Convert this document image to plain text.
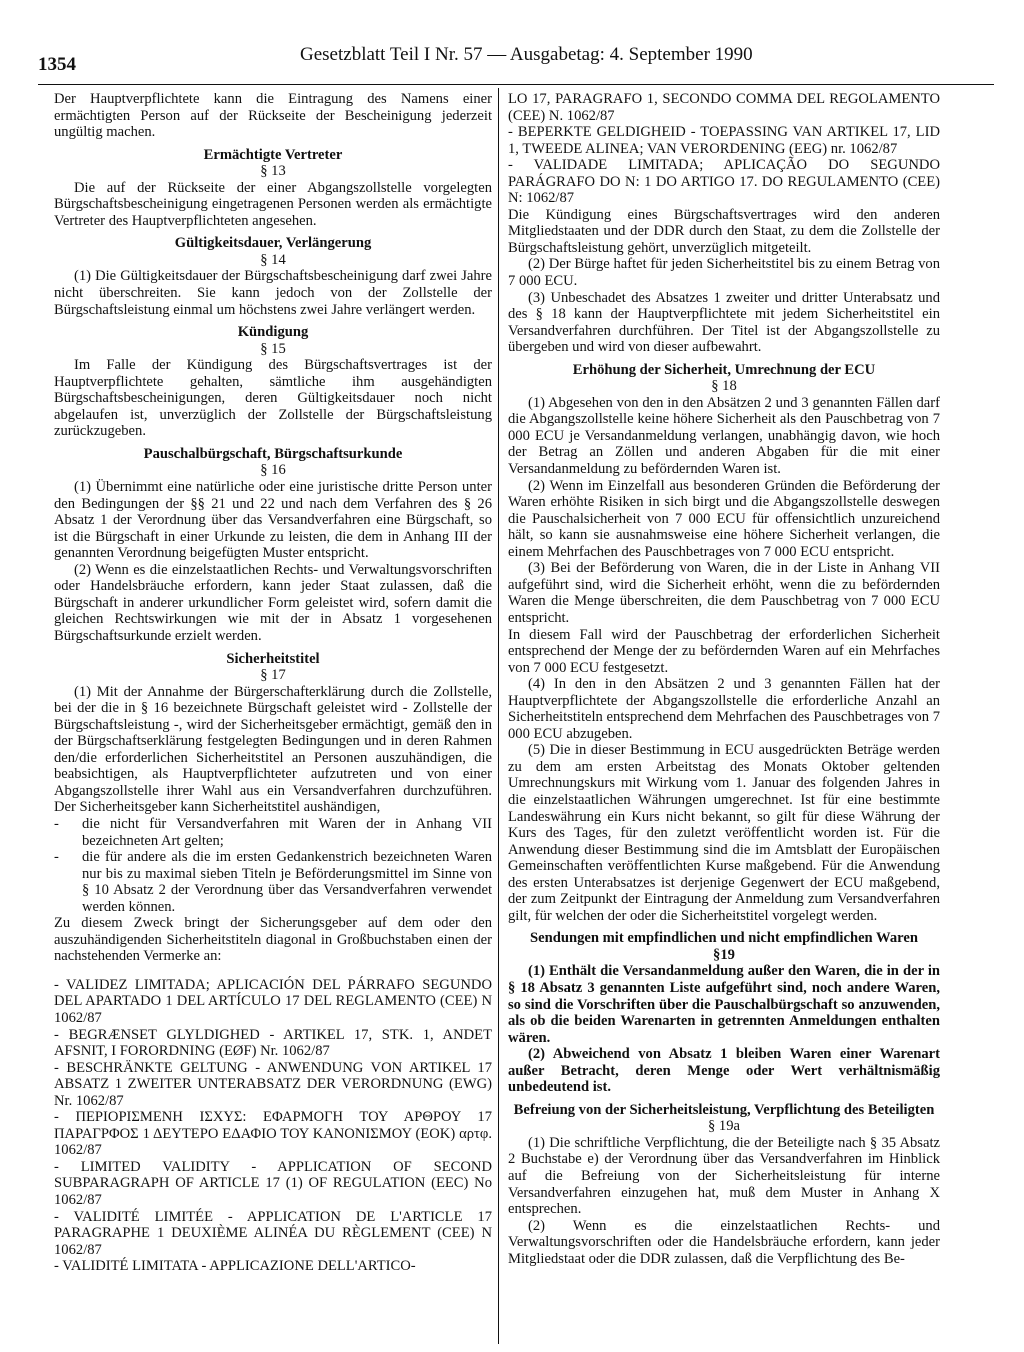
1354	Gesetzblatt Teil I Nr. 57 — Ausgabetag: 4. September 1990

Der Hauptverpflichtete kann die Eintragung des Namens einer ermächtigten Person auf der Rückseite der Bescheinigung jederzeit ungültig machen.

Ermächtigte Vertreter

§ 13

Die auf der Rückseite der einer Abgangszollstelle vorgelegten Bürgschaftsbescheinigung eingetragenen Personen werden als ermächtigte Vertreter des Hauptverpflichteten angesehen.

Gültigkeitsdauer, Verlängerung

§ 14

(1) Die Gültigkeitsdauer der Bürgschaftsbescheinigung darf zwei Jahre nicht überschreiten. Sie kann jedoch von der Zollstelle der Bürgschaftsleistung einmal um höchstens zwei Jahre verlängert werden.

Kündigung

§ 15

Im Falle der Kündigung des Bürgschaftsvertrages ist der Hauptverpflichtete gehalten, sämtliche ihm ausgehändigten Bürgschaftsbescheinigungen, deren Gültigkeitsdauer noch nicht abgelaufen ist, unverzüglich der Zollstelle der Bürgschaftsleistung zurückzugeben.

Pauschalbürgschaft, Bürgschaftsurkunde

§ 16

(1) Übernimmt eine natürliche oder eine juristische dritte Person unter den Bedingungen der §§ 21 und 22 und nach dem Verfahren des § 26 Absatz 1 der Verordnung über das Versandverfahren eine Bürgschaft, so ist die Bürgschaft in einer Urkunde zu leisten, die dem in Anhang III der genannten Verordnung beigefügten Muster entspricht.

(2) Wenn es die einzelstaatlichen Rechts- und Verwaltungsvorschriften oder Handelsbräuche erfordern, kann jeder Staat zulassen, daß die Bürgschaft in anderer urkundlicher Form geleistet wird, sofern damit die gleichen Rechtswirkungen wie mit der in Absatz 1 vorgesehenen Bürgschaftsurkunde erzielt werden.

Sicherheitstitel

§ 17

(1) Mit der Annahme der Bürgerschafterklärung durch die Zollstelle, bei der die in § 16 bezeichnete Bürgschaft geleistet wird - Zollstelle der Bürgschaftsleistung -, wird der Sicherheitsgeber ermächtigt, gemäß den in der Bürgschaftserklärung festgelegten Bedingungen und in deren Rahmen den/die erforderlichen Sicherheitstitel an Personen auszuhändigen, die beabsichtigen, als Hauptverpflichteter aufzutreten und von einer Abgangszollstelle ihrer Wahl aus ein Versandverfahren durchzuführen. Der Sicherheitsgeber kann Sicherheitstitel aushändigen,

- die nicht für Versandverfahren mit Waren der in Anhang VII bezeichneten Art gelten;

- die für andere als die im ersten Gedankenstrich bezeichneten Waren nur bis zu maximal sieben Titeln je Beförderungsmittel im Sinne von § 10 Absatz 2 der Verordnung über das Versandverfahren verwendet werden können.

Zu diesem Zweck bringt der Sicherungsgeber auf dem oder den auszuhändigenden Sicherheitstiteln diagonal in Großbuchstaben einen der nachstehenden Vermerke an:

- VALIDEZ LIMITADA; APLICACIÓN DEL PÁRRAFO SEGUNDO DEL APARTADO 1 DEL ARTÍCULO 17 DEL REGLAMENTO (CEE) N 1062/87

- BEGRÆNSET GLYLDIGHED - ARTIKEL 17, STK. 1, ANDET AFSNIT, I FORORDNING (EØF) Nr. 1062/87

- BESCHRÄNKTE GELTUNG - ANWENDUNG VON ARTIKEL 17 ABSATZ 1 ZWEITER UNTERABSATZ DER VERORDNUNG (EWG) Nr. 1062/87

- ΠΕΡΙΟΡΙΣΜΕΝΗ ΙΣΧΥΣ: ΕΦΑΡΜΟΓΗ ΤΟΥ ΑΡΘΡΟΥ 17 ΠΑΡΑΓΡΦΟΣ 1 ΔΕΥΤΕΡΟ ΕΔΑΦΙΟ ΤΟΥ ΚΑΝΟΝΙΣΜΟΥ (ΕΟΚ) αρτφ. 1062/87

- LIMITED VALIDITY - APPLICATION OF SECOND SUBPARAGRAPH OF ARTICLE 17 (1) OF REGULATION (EEC) No 1062/87

- VALIDITÉ LIMITÉE - APPLICATION DE L'ARTICLE 17 PARAGRAPHE 1 DEUXIÈME ALINÉA DU RÈGLEMENT (CEE) N 1062/87

- VALIDITÉ LIMITATA - APPLICAZIONE DELL'ARTICO-

LO 17, PARAGRAFO 1, SECONDO COMMA DEL REGOLAMENTO (CEE) N. 1062/87

- BEPERKTE GELDIGHEID - TOEPASSING VAN ARTIKEL 17, LID 1, TWEEDE ALINEA; VAN VERORDENING (EEG) nr. 1062/87

- VALIDADE LIMITADA; APLICAÇÃO DO SEGUNDO PARÁGRAFO DO N: 1 DO ARTIGO 17. DO REGULAMENTO (CEE) N: 1062/87

Die Kündigung eines Bürgschaftsvertrages wird den anderen Mitgliedstaaten und der DDR durch den Staat, zu dem die Zollstelle der Bürgschaftsleistung gehört, unverzüglich mitgeteilt.

(2) Der Bürge haftet für jeden Sicherheitstitel bis zu einem Betrag von 7 000 ECU.

(3) Unbeschadet des Absatzes 1 zweiter und dritter Unterabsatz und des § 18 kann der Hauptverpflichtete mit jedem Sicherheitstitel ein Versandverfahren durchführen. Der Titel ist der Abgangszollstelle zu übergeben und wird von dieser aufbewahrt.

Erhöhung der Sicherheit, Umrechnung der ECU

§ 18

(1) Abgesehen von den in den Absätzen 2 und 3 genannten Fällen darf die Abgangszollstelle keine höhere Sicherheit als den Pauschbetrag von 7 000 ECU je Versandanmeldung verlangen, unabhängig davon, wie hoch der Betrag an Zöllen und anderen Abgaben für die mit einer Versandanmeldung zu befördernden Waren ist.

(2) Wenn im Einzelfall aus besonderen Gründen die Beförderung der Waren erhöhte Risiken in sich birgt und die Abgangszollstelle deswegen die Pauschalsicherheit von 7 000 ECU für offensichtlich unzureichend hält, so kann sie ausnahmsweise eine höhere Sicherheit verlangen, die einem Mehrfachen des Pauschbetrages von 7 000 ECU entspricht.

(3) Bei der Beförderung von Waren, die in der Liste in Anhang VII aufgeführt sind, wird die Sicherheit erhöht, wenn die zu befördernden Waren die Menge überschreiten, die dem Pauschbetrag von 7 000 ECU entspricht.

In diesem Fall wird der Pauschbetrag der erforderlichen Sicherheit entsprechend der Menge der zu befördernden Waren auf ein Mehrfaches von 7 000 ECU festgesetzt.

(4) In den in den Absätzen 2 und 3 genannten Fällen hat der Hauptverpflichtete der Abgangszollstelle die erforderliche Anzahl an Sicherheitstiteln entsprechend dem Mehrfachen des Pauschbetrages von 7 000 ECU abzugeben.

(5) Die in dieser Bestimmung in ECU ausgedrückten Beträge werden zu dem am ersten Arbeitstag des Monats Oktober geltenden Umrechnungskurs mit Wirkung vom 1. Januar des folgenden Jahres in die einzelstaatlichen Währungen umgerechnet. Ist für eine bestimmte Landeswährung ein Kurs nicht bekannt, so gilt für diese Währung der Kurs des Tages, für den zuletzt veröffentlicht worden ist. Für die Anwendung dieser Bestimmung sind die im Amtsblatt der Europäischen Gemeinschaften veröffentlichten Kurse maßgebend. Für die Anwendung des ersten Unterabsatzes ist derjenige Gegenwert der ECU maßgebend, der zum Zeitpunkt der Eintragung der Anmeldung zum Versandverfahren gilt, für welchen der oder die Sicherheitstitel vorgelegt werden.

Sendungen mit empfindlichen und nicht empfindlichen Waren

§19

(1) Enthält die Versandanmeldung außer den Waren, die in der in § 18 Absatz 3 genannten Liste aufgeführt sind, noch andere Waren, so sind die Vorschriften über die Pauschalbürgschaft so anzuwenden, als ob die beiden Warenarten in getrennten Anmeldungen enthalten wären.

(2) Abweichend von Absatz 1 bleiben Waren einer Warenart außer Betracht, deren Menge oder Wert verhältnismäßig unbedeutend ist.

Befreiung von der Sicherheitsleistung, Verpflichtung des Beteiligten

§ 19a

(1) Die schriftliche Verpflichtung, die der Beteiligte nach § 35 Absatz 2 Buchstabe e) der Verordnung über das Versandverfahren im Hinblick auf die Befreiung von der Sicherheitsleistung für interne Versandverfahren einzugehen hat, muß dem Muster in Anhang X entsprechen.

(2) Wenn es die einzelstaatlichen Rechts- und Verwaltungsvorschriften oder die Handelsbräuche erfordern, kann jeder Mitgliedstaat oder die DDR zulassen, daß die Verpflichtung des Be-
